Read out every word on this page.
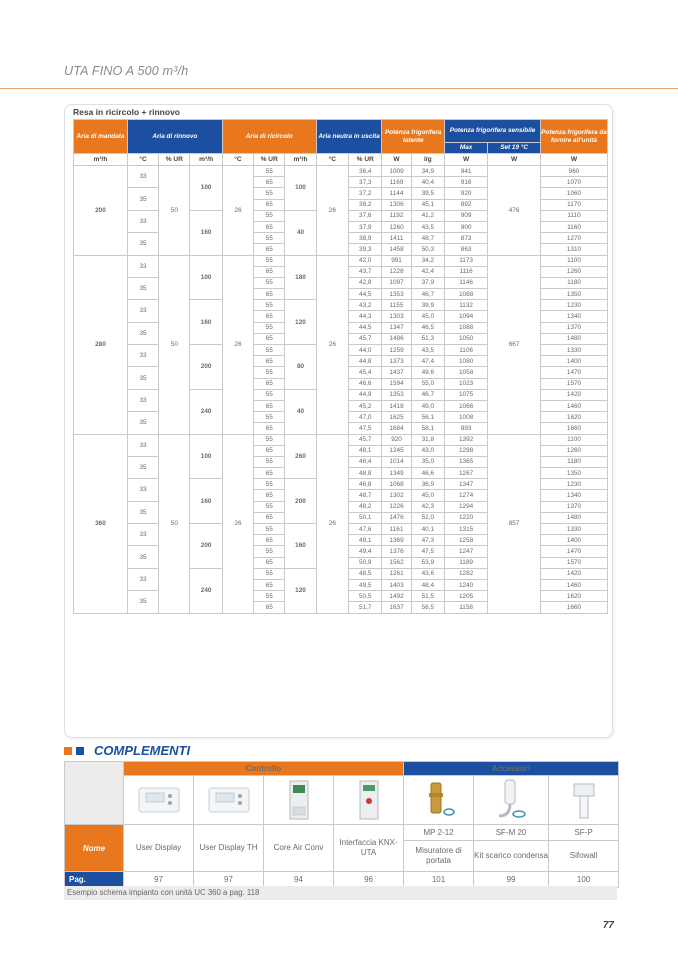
UTA FINO A 500 m³/h
Resa in ricircolo + rinnovo
Aria di mandata	Aria di rinnovo			Aria di ricircolo			Aria neutra in uscita		Potenza frigorifera latente		Potenza frigorifera sensibile		Potenza frigorifera da fornire all'unità
											Max	Set 19 °C	
m³/h	°C	% UR	m³/h	°C	% UR	m³/h	°C	% UR	W	l/g	W	W	W
200	33	50	100	26	55	100	26	36,4	1009	34,9	941	476	960
					65			37,3	1169	40,4	916		1070
	35				55			37,2	1144	39,5	920		1060
					65			38,2	1306	45,1	892		1170
	33		160		55	40		37,6	1192	41,2	909		1110
					65			37,9	1260	43,5	900		1160
	35				55			38,9	1411	48,7	873		1270
					65			39,3	1458	50,3	863		1310
280	33	50	100	26	55	180	26	42,0	991	34,2	1173	667	1100
					65			43,7	1228	42,4	1116		1260
	35				55			42,8	1097	37,9	1146		1180
					65			44,5	1353	46,7	1088		1350
	33		160		55	120		43,2	1155	39,9	1132		1230
					65			44,3	1303	45,0	1094		1340
	35				55			44,5	1347	46,5	1088		1370
					65			45,7	1486	51,3	1050		1480
	33		200		55	80		44,0	1259	43,5	1106		1330
					65			44,8	1373	47,4	1080		1400
	35				55			45,4	1437	49,6	1058		1470
					65			46,6	1594	55,0	1023		1570
	33		240		55	40		44,9	1353	46,7	1075		1420
					65			45,2	1418	49,0	1066		1460
	35				55			47,0	1625	56,1	1008		1620
					65			47,5	1684	58,1	993		1660
360	33	50	100	26	55	260	26	45,7	920	31,8	1392	857	1100
					65			48,1	1245	43,0	1298		1260
	35				55			46,4	1014	35,0	1365		1180
					65			48,8	1349	46,6	1267		1350
	33		160		55	200		46,8	1068	36,9	1347		1230
					65			48,7	1302	45,0	1274		1340
	35				55			48,2	1226	42,3	1294		1370
					65			50,1	1476	51,0	1220		1480
	33		200		55	160		47,6	1161	40,1	1315		1330
					65			49,1	1369	47,3	1258		1400
	35				55			49,4	1376	47,5	1247		1470
					65			50,9	1562	53,9	1189		1570
	33		240		55	120		48,5	1261	43,6	1282		1420
					65			49,5	1403	48,4	1240		1460
	35				55			50,5	1492	51,5	1205		1620
					65			51,7	1637	56,5	1158		1660
COMPLEMENTI
	Controllo				Accessori		

Nome	User Display	User Display TH	Core Air Conv	Interfaccia KNX-UTA	MP 2-12	SF-M 20	SF-P
					Misuratore di portata	Kit scarico condensa	Sifowall
Pag.	97	97	94	96	101	99	100
Esempio schema impianto con unità UC 360 a pag. 118
77
